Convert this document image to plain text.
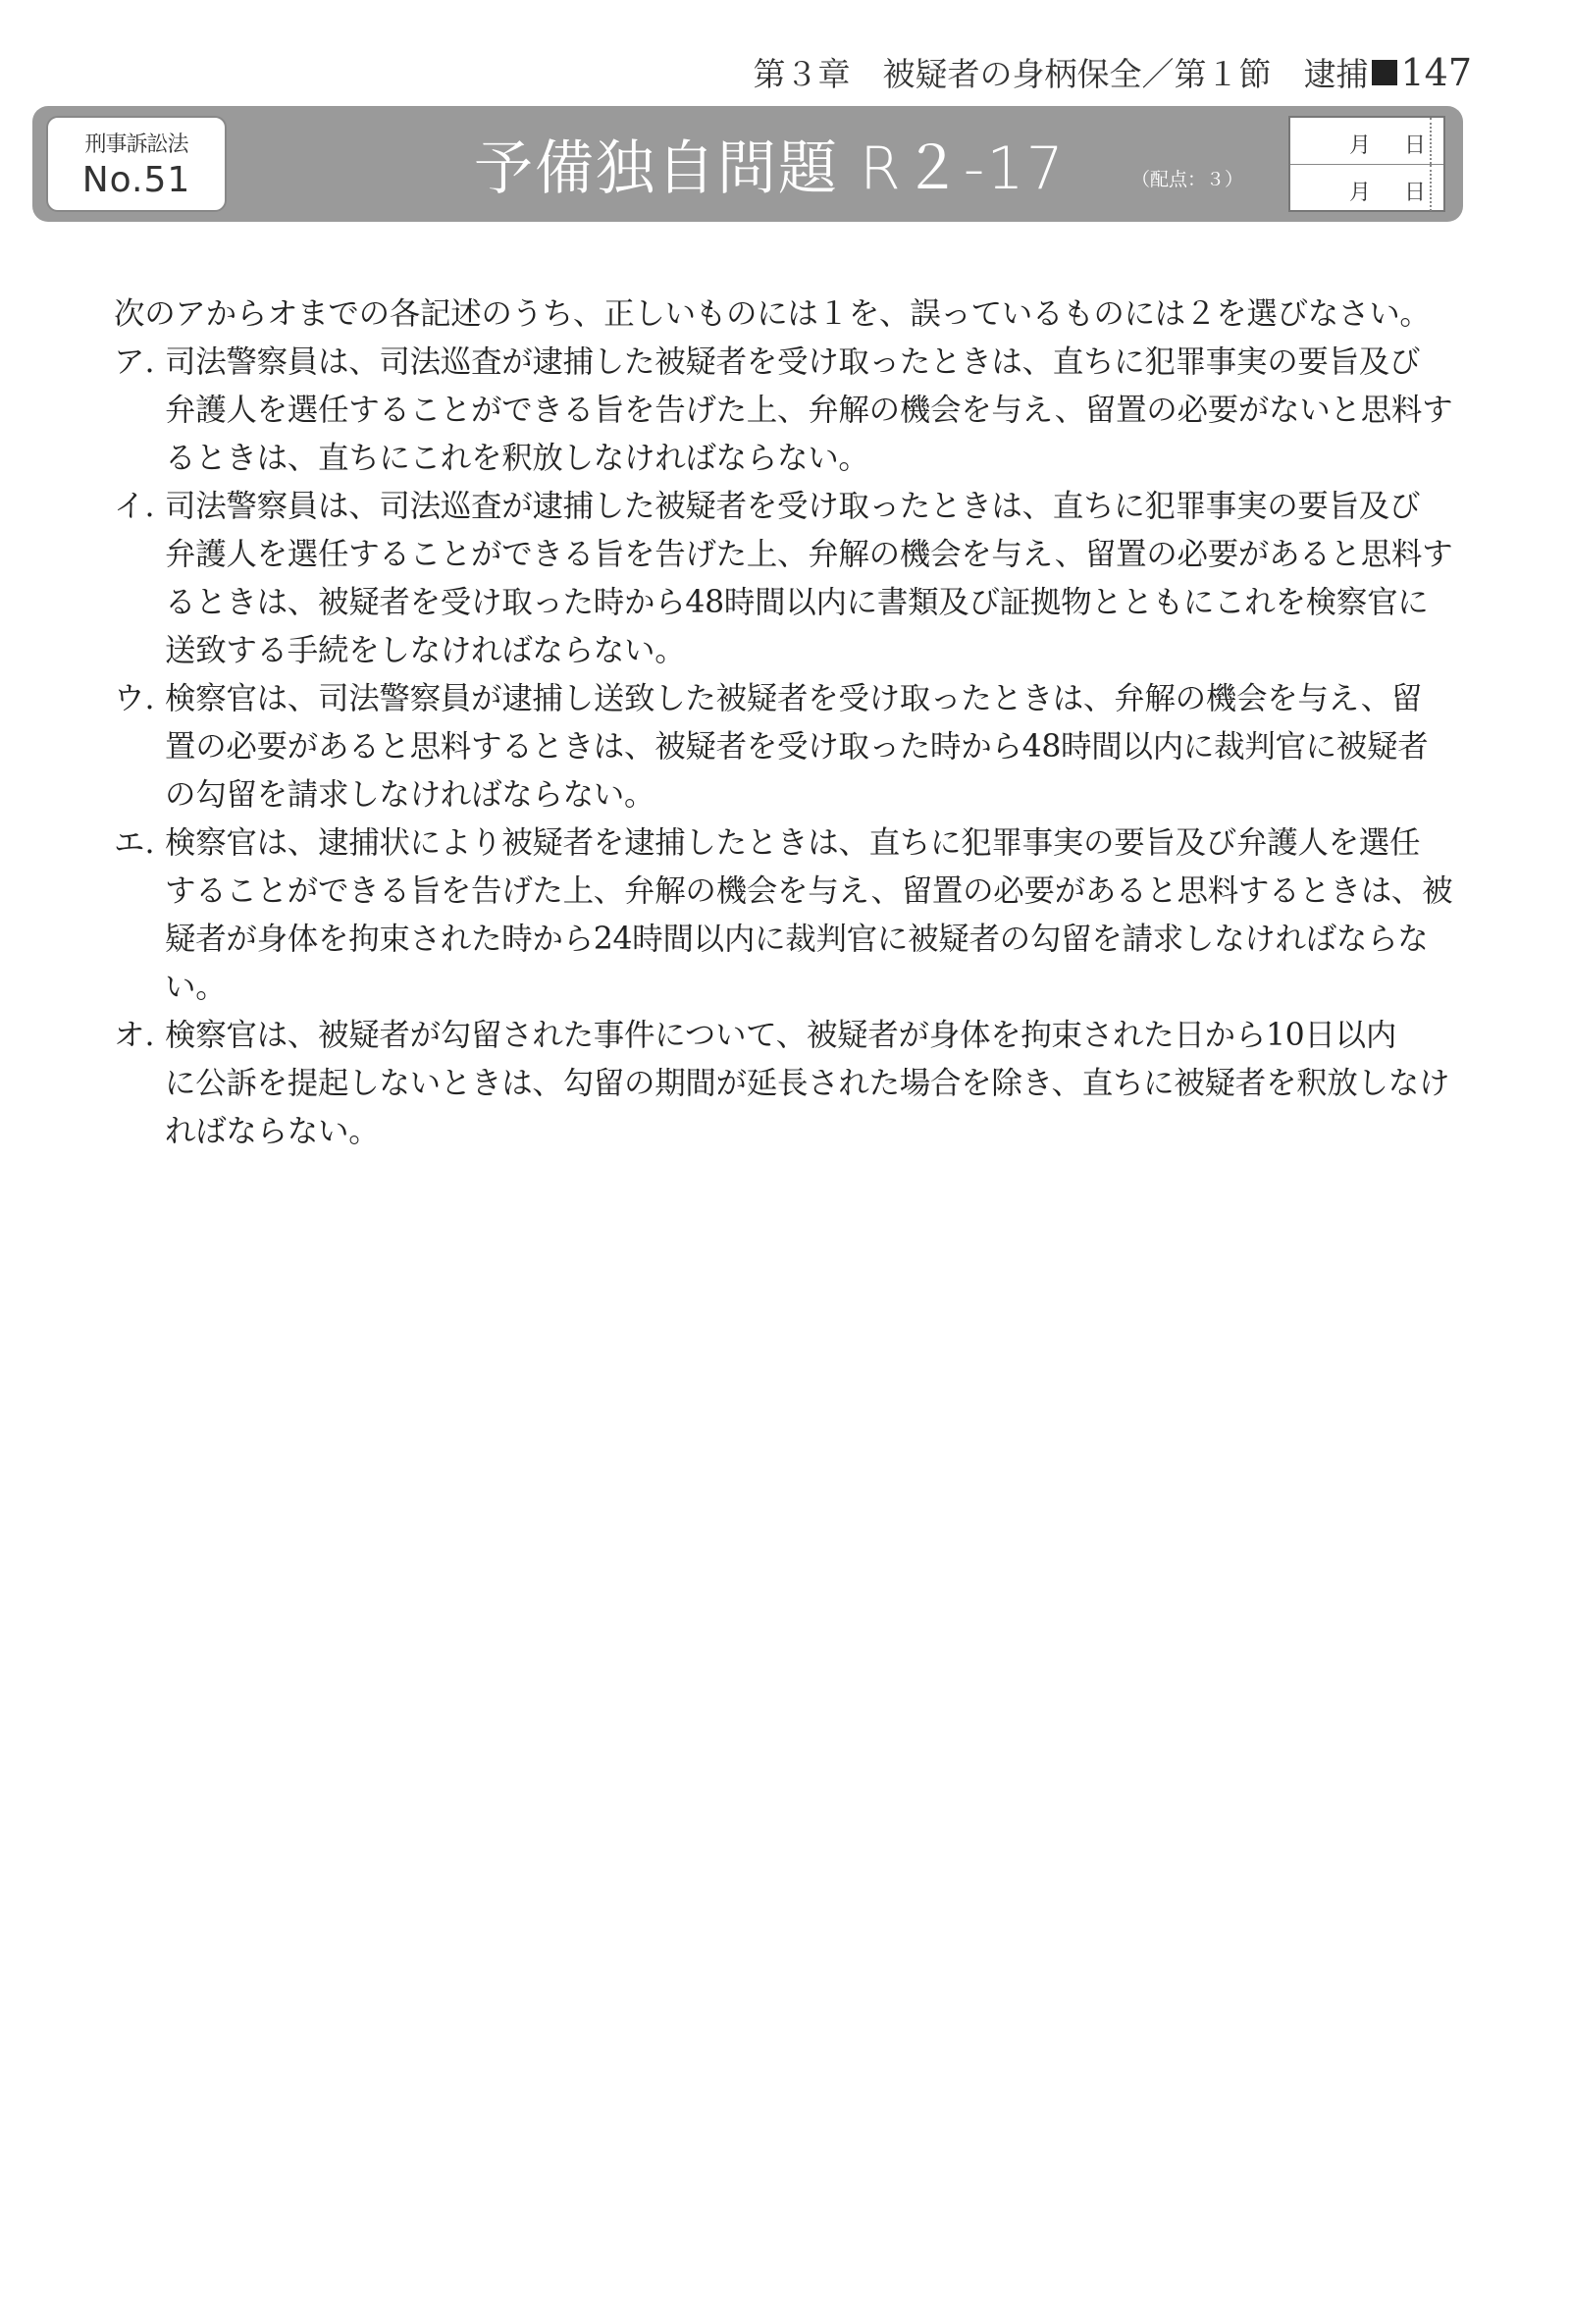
第３章　被疑者の身柄保全／第１節　逮捕 147
刑事訴訟法
No.51	予備独自問題 R２-17	（配点：３）
月 日
月 日
次のアからオまでの各記述のうち、正しいものには１を、誤っているものには２を選びなさい。
ア. 司法警察員は、司法巡査が逮捕した被疑者を受け取ったときは、直ちに犯罪事実の要旨及び
弁護人を選任することができる旨を告げた上、弁解の機会を与え、留置の必要がないと思料す
るときは、直ちにこれを釈放しなければならない。
イ. 司法警察員は、司法巡査が逮捕した被疑者を受け取ったときは、直ちに犯罪事実の要旨及び
弁護人を選任することができる旨を告げた上、弁解の機会を与え、留置の必要があると思料す
るときは、被疑者を受け取った時から48時間以内に書類及び証拠物とともにこれを検察官に
送致する手続をしなければならない。
ウ. 検察官は、司法警察員が逮捕し送致した被疑者を受け取ったときは、弁解の機会を与え、留
置の必要があると思料するときは、被疑者を受け取った時から48時間以内に裁判官に被疑者
の勾留を請求しなければならない。
エ. 検察官は、逮捕状により被疑者を逮捕したときは、直ちに犯罪事実の要旨及び弁護人を選任
することができる旨を告げた上、弁解の機会を与え、留置の必要があると思料するときは、被
疑者が身体を拘束された時から24時間以内に裁判官に被疑者の勾留を請求しなければならな
い。
オ. 検察官は、被疑者が勾留された事件について、被疑者が身体を拘束された日から10日以内
に公訴を提起しないときは、勾留の期間が延長された場合を除き、直ちに被疑者を釈放しなけ
ればならない。
